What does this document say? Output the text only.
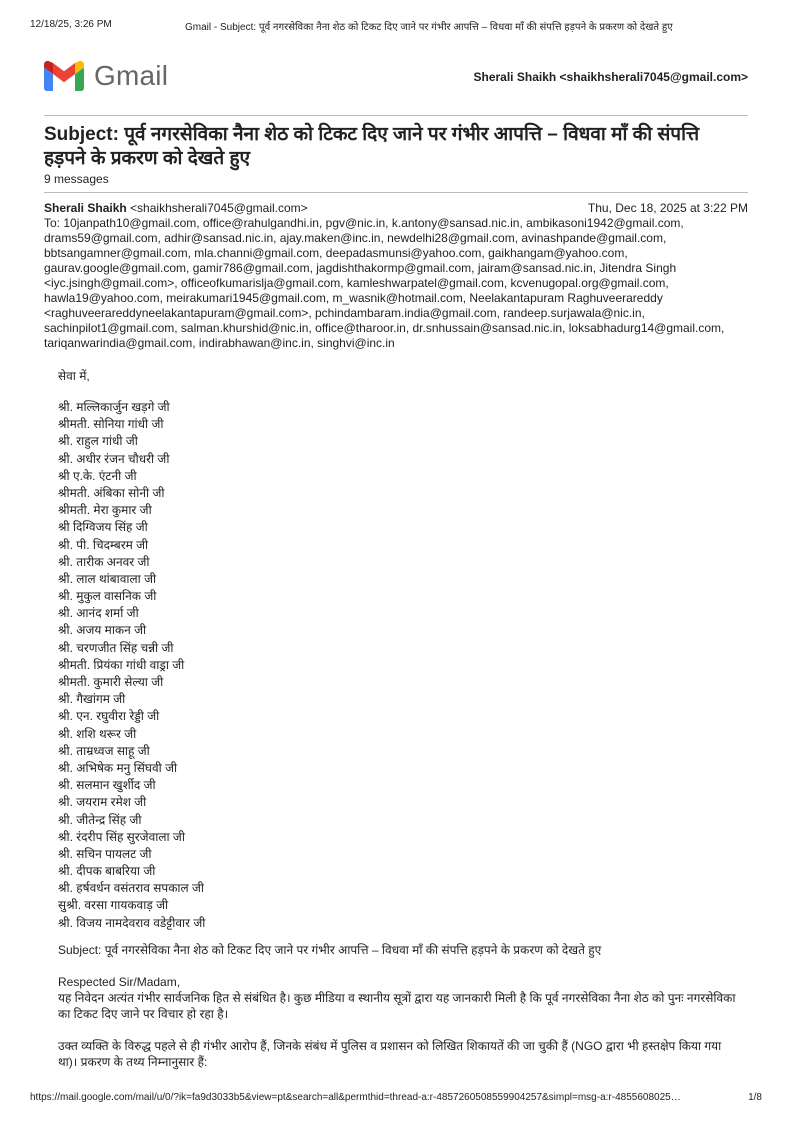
12/18/25, 3:26 PM	Gmail - Subject: पूर्व नगरसेविका नैना शेठ को टिकट दिए जाने पर गंभीर आपत्ति – विधवा माँ की संपत्ति हड़पने के प्रकरण को देखते हुए
Gmail	Sherali Shaikh <shaikhsherali7045@gmail.com>
Subject: पूर्व नगरसेविका नैना शेठ को टिकट दिए जाने पर गंभीर आपत्ति – विधवा माँ की संपत्ति हड़पने के प्रकरण को देखते हुए
9 messages
Sherali Shaikh <shaikhsherali7045@gmail.com>	Thu, Dec 18, 2025 at 3:22 PM
To: 10janpath10@gmail.com, office@rahulgandhi.in, pgv@nic.in, k.antony@sansad.nic.in, ambikasoni1942@gmail.com, drams59@gmail.com, adhir@sansad.nic.in, ajay.maken@inc.in, newdelhi28@gmail.com, avinashpande@gmail.com, bbtsangamner@gmail.com, mla.channi@gmail.com, deepadasmunsi@yahoo.com, gaikhangam@yahoo.com, gaurav.google@gmail.com, gamir786@gmail.com, jagdishthakormp@gmail.com, jairam@sansad.nic.in, Jitendra Singh <iyc.jsingh@gmail.com>, officeofkumarislja@gmail.com, kamleshwarpatel@gmail.com, kcvenugopal.org@gmail.com, hawla19@yahoo.com, meirakumari1945@gmail.com, m_wasnik@hotmail.com, Neelakantapuram Raghuveerareddy <raghuveerareddyneelakantapuram@gmail.com>, pchindambaram.india@gmail.com, randeep.surjawala@nic.in, sachinpilot1@gmail.com, salman.khurshid@nic.in, office@tharoor.in, dr.snhussain@sansad.nic.in, loksabhadurg14@gmail.com, tariqanwarindia@gmail.com, indirabhawan@inc.in, singhvi@inc.in
सेवा में,
श्री. मल्लिकार्जुन खड़गे जी
श्रीमती. सोनिया गांधी जी
श्री. राहुल गांधी जी
श्री. अधीर रंजन चौधरी जी
श्री ए.के. एंटनी जी
श्रीमती. अंबिका सोनी जी
श्रीमती. मेरा कुमार जी
श्री दिग्विजय सिंह जी
श्री. पी. चिदम्बरम जी
श्री. तारीक अनवर जी
श्री. लाल थांबावाला जी
श्री. मुकुल वासनिक जी
श्री. आनंद शर्मा जी
श्री. अजय माकन जी
श्री. चरणजीत सिंह चन्नी जी
श्रीमती. प्रियंका गांधी वाड्रा जी
श्रीमती. कुमारी सेल्या जी
श्री. गैखांगम जी
श्री. एन. रघुवीरा रेड्डी जी
श्री. शशि थरूर जी
श्री. ताम्रध्वज साहू जी
श्री. अभिषेक मनु सिंघवी जी
श्री. सलमान खुर्शीद जी
श्री. जयराम रमेश जी
श्री. जीतेन्द्र सिंह जी
श्री. रंदरीप सिंह सुरजेवाला जी
श्री. सचिन पायलट जी
श्री. दीपक बाबरिया जी
श्री. हर्षवर्धन वसंतराव सपकाल जी
सुश्री. वरसा गायकवाड़ जी
श्री. विजय नामदेवराव वडेट्टीवार जी
Subject: पूर्व नगरसेविका नैना शेठ को टिकट दिए जाने पर गंभीर आपत्ति – विधवा माँ की संपत्ति हड़पने के प्रकरण को देखते हुए
Respected Sir/Madam,
यह निवेदन अत्यंत गंभीर सार्वजनिक हित से संबंधित है। कुछ मीडिया व स्थानीय सूत्रों द्वारा यह जानकारी मिली है कि पूर्व नगरसेविका नैना शेठ को पुनः नगरसेविका का टिकट दिए जाने पर विचार हो रहा है।
उक्त व्यक्ति के विरुद्ध पहले से ही गंभीर आरोप हैं, जिनके संबंध में पुलिस व प्रशासन को लिखित शिकायतें की जा चुकी हैं (NGO द्वारा भी हस्तक्षेप किया गया था)। प्रकरण के तथ्य निम्नानुसार हैं:
https://mail.google.com/mail/u/0/?ik=fa9d3033b5&view=pt&search=all&permthid=thread-a:r-4857260508559904257&simpl=msg-a:r-4855608025…	1/8
